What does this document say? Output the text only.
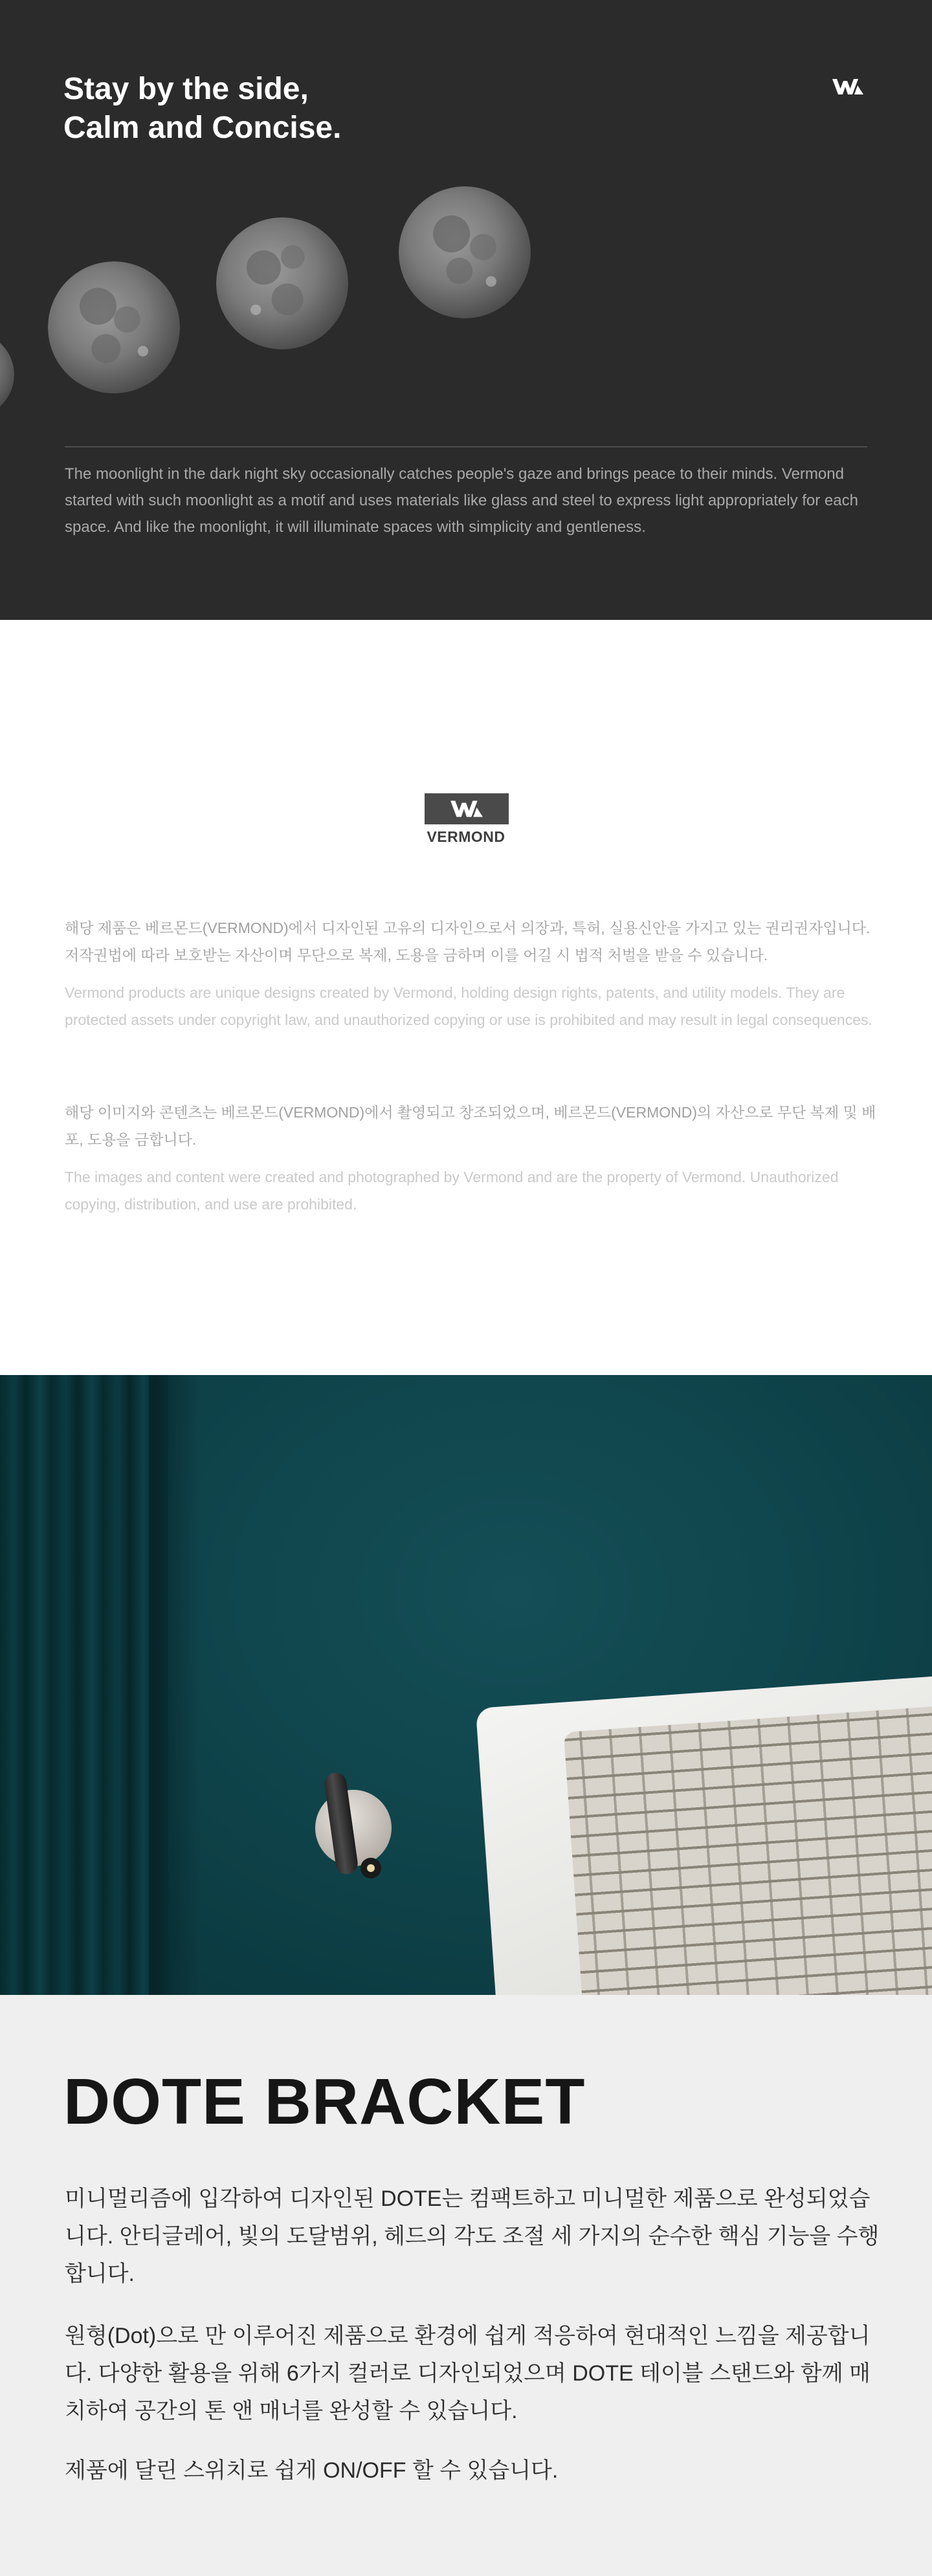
Stay by the side,
Calm and Concise.

The moonlight in the dark night sky occasionally catches people's gaze and brings peace to their minds. Vermond started with such moonlight as a motif and uses materials like glass and steel to express light appropriately for each space. And like the moonlight, it will illuminate spaces with simplicity and gentleness.

VERMOND

해당 제품은 베르몬드(VERMOND)에서 디자인된 고유의 디자인으로서 의장과, 특허, 실용신안을 가지고 있는 권리권자입니다. 저작권법에 따라 보호받는 자산이며 무단으로 복제, 도용을 금하며 이를 어길 시 법적 처벌을 받을 수 있습니다.

Vermond products are unique designs created by Vermond, holding design rights, patents, and utility models. They are protected assets under copyright law, and unauthorized copying or use is prohibited and may result in legal consequences.

해당 이미지와 콘텐츠는 베르몬드(VERMOND)에서 촬영되고 창조되었으며, 베르몬드(VERMOND)의 자산으로 무단 복제 및 배포, 도용을 금합니다.

The images and content were created and photographed by Vermond and are the property of Vermond. Unauthorized copying, distribution, and use are prohibited.

DOTE BRACKET

미니멀리즘에 입각하여 디자인된 DOTE는 컴팩트하고 미니멀한 제품으로 완성되었습니다. 안티글레어, 빛의 도달범위, 헤드의 각도 조절 세 가지의 순수한 핵심 기능을 수행합니다.

원형(Dot)으로 만 이루어진 제품으로 환경에 쉽게 적응하여 현대적인 느낌을 제공합니다. 다양한 활용을 위해 6가지 컬러로 디자인되었으며 DOTE 테이블 스탠드와 함께 매치하여 공간의 톤 앤 매너를 완성할 수 있습니다.

제품에 달린 스위치로 쉽게 ON/OFF 할 수 있습니다.
